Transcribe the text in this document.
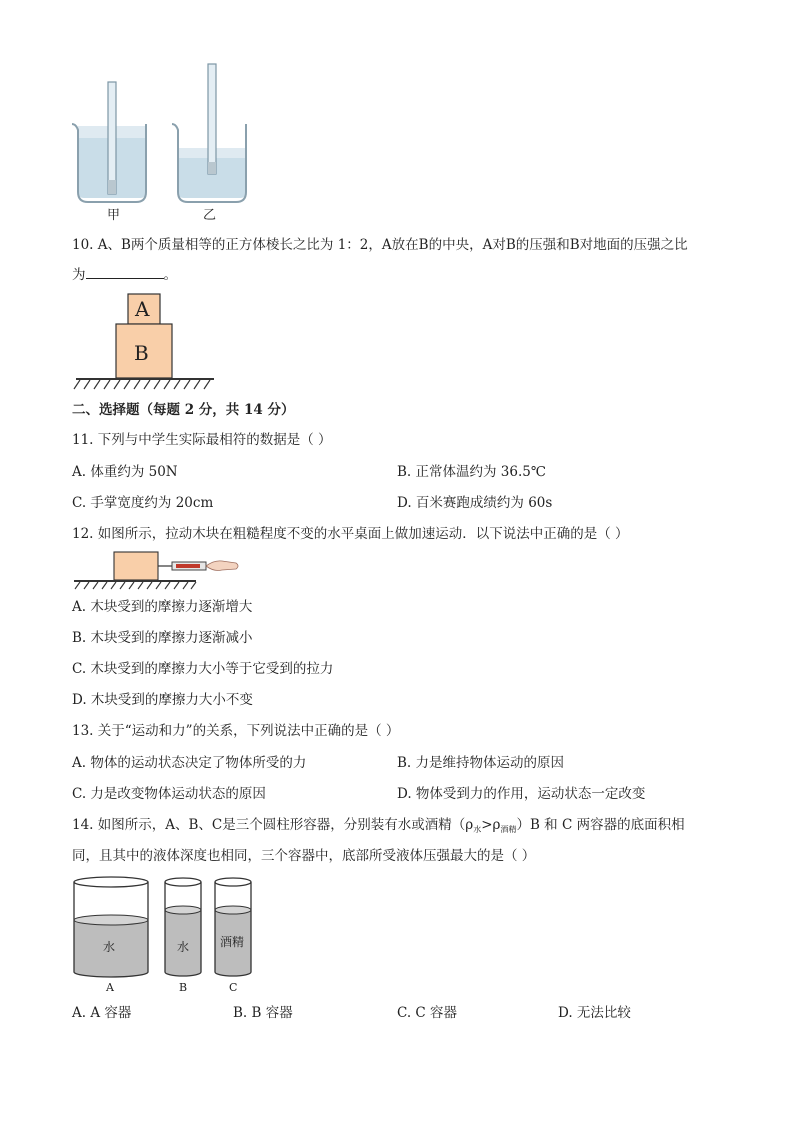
甲	乙
10. A、B两个质量相等的正方体棱长之比为 1：2，A放在B的中央，A对B的压强和B对地面的压强之比
为	。
A
B
二、选择题（每题 2 分，共 14 分）
11. 下列与中学生实际最相符的数据是（ ）
A. 体重约为 50N	B. 正常体温约为 36.5℃
C. 手掌宽度约为 20cm	D. 百米赛跑成绩约为 60s
12. 如图所示，拉动木块在粗糙程度不变的水平桌面上做加速运动．以下说法中正确的是（ ）
A. 木块受到的摩擦力逐渐增大
B. 木块受到的摩擦力逐渐减小
C. 木块受到的摩擦力大小等于它受到的拉力
D. 木块受到的摩擦力大小不变
13. 关于“运动和力”的关系，下列说法中正确的是（ ）
A. 物体的运动状态决定了物体所受的力	B. 力是维持物体运动的原因
C. 力是改变物体运动状态的原因	D. 物体受到力的作用，运动状态一定改变
14. 如图所示，A、B、C是三个圆柱形容器，分别装有水或酒精$(\rho_水>\rho_{酒精})B$ 和 C 两容器的底面积相
同，且其中的液体深度也相同，三个容器中，底部所受液体压强最大的是（ ）
水	水	酒精
A	B	C
A. A 容器	B. B 容器	C. C 容器	D. 无法比较
